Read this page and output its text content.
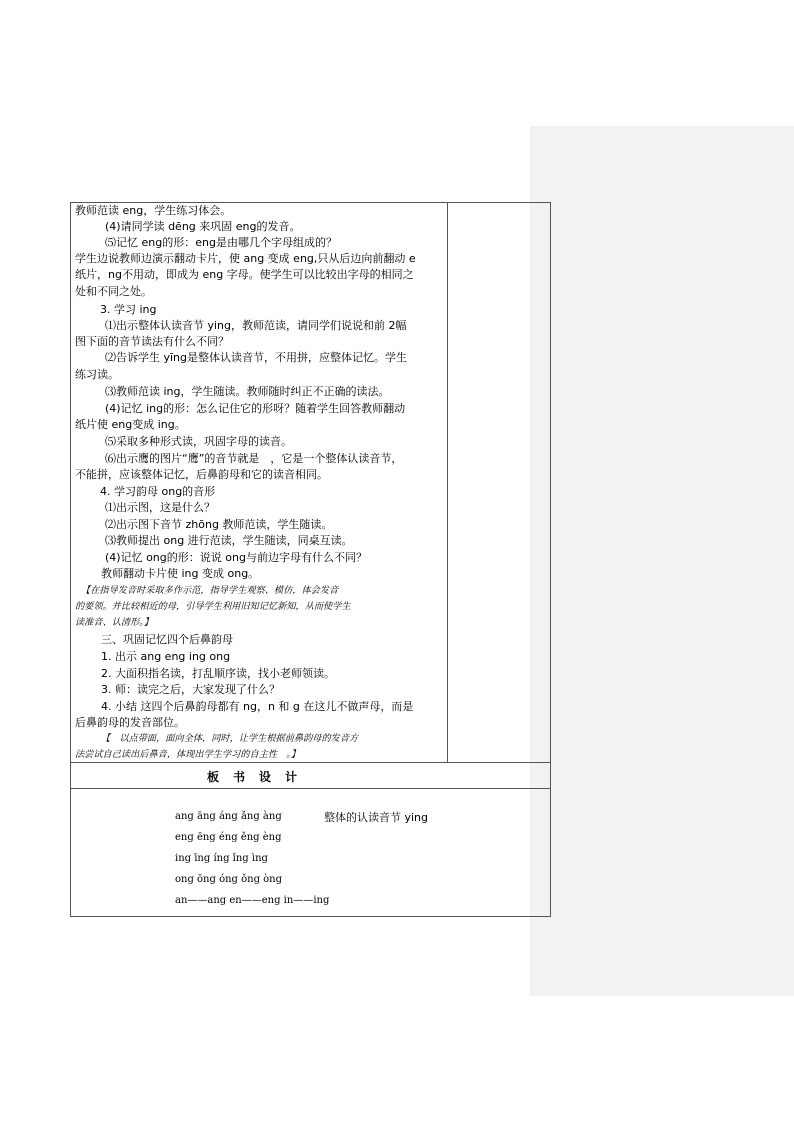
教师范读 eng，学生练习体会。
(4)请同学读 dēng 来巩固 eng的发音。
⑸记忆 eng的形：eng是由哪几个字母组成的？
学生边说教师边演示翻动卡片，使 ang 变成 eng,只从后边向前翻动 e
纸片，ng不用动，即成为 eng 字母。使学生可以比较出字母的相同之
处和不同之处。
3. 学习 ing
⑴出示整体认读音节 ying，教师范读，请同学们说说和前 2幅
图下面的音节读法有什么不同？
⑵告诉学生 yīng是整体认读音节，不用拼，应整体记忆。学生
练习读。
⑶教师范读 ing，学生随读。教师随时纠正不正确的读法。
(4)记忆 ing的形：怎么记住它的形呀？随着学生回答教师翻动
纸片使 eng变成 ing。
⑸采取多种形式读，巩固字母的读音。
⑹出示鹰的图片“鹰”的音节就是　，它是一个整体认读音节，
不能拼，应该整体记忆，后鼻韵母和它的读音相同。
4. 学习韵母 ong的音形
⑴出示图，这是什么？
⑵出示图下音节 zhōng 教师范读，学生随读。
⑶教师提出 ong 进行范读，学生随读，同桌互读。
(4)记忆 ong的形：说说 ong与前边字母有什么不同？
教师翻动卡片使 ing 变成 ong。
【在指导发音时采取多作示范，指导学生观察、模仿，体会发音
的要领。并比较相近的母，引导学生利用旧知记忆新知，从而使学生
读准音、认清形。】
三、巩固记忆四个后鼻韵母
1. 出示 ang eng ing ong
2. 大面积指名读，打乱顺序读，找小老师领读。
3. 师：读完之后，大家发现了什么？
4. 小结 这四个后鼻韵母都有 ng，n 和 g 在这儿不做声母，而是
后鼻韵母的发音部位。
【　以点带面，面向全体，同时，让学生根据前鼻韵母的发音方
法尝试自己读出后鼻音，体现出学生学习的自主性　。】
板书设计
ang āng áng ǎng àng
eng ēng éng ěng èng
ing īng íng ǐng ìng
ong ōng óng ǒng òng
an——ang en——eng in——ing
整体的认读音节 ying
